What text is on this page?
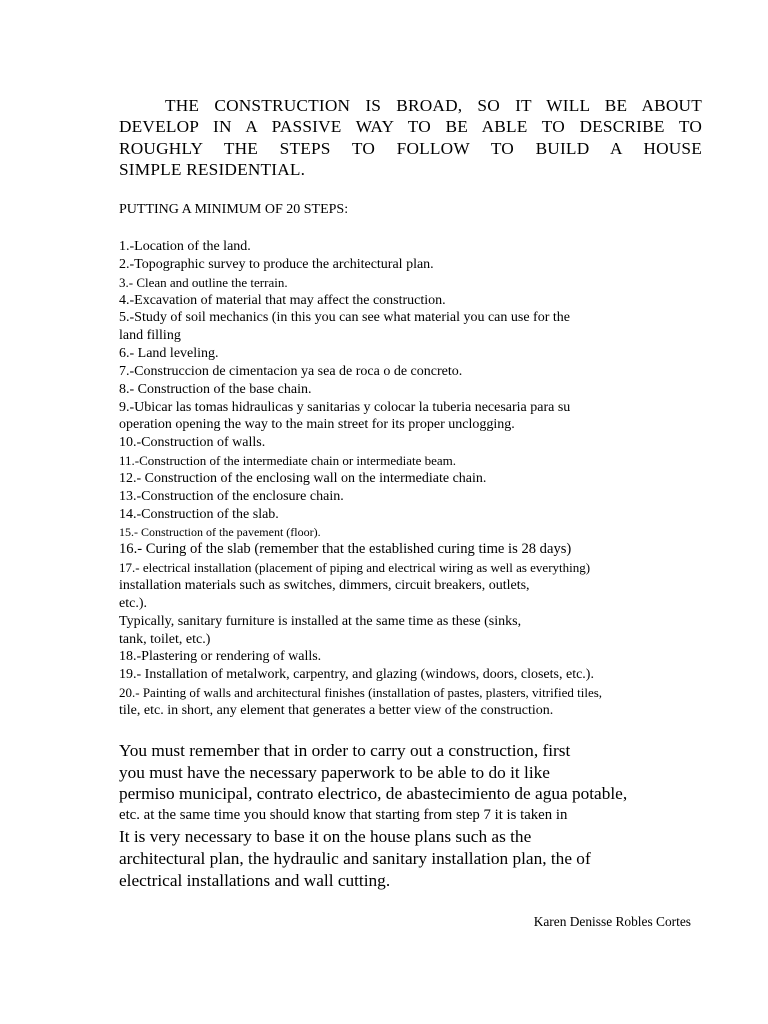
THE CONSTRUCTION IS BROAD, SO IT WILL BE ABOUT
DEVELOP IN A PASSIVE WAY TO BE ABLE TO DESCRIBE TO
ROUGHLY THE STEPS TO FOLLOW TO BUILD A HOUSE
SIMPLE RESIDENTIAL.
PUTTING A MINIMUM OF 20 STEPS:
1.-Location of the land.
2.-Topographic survey to produce the architectural plan.
3.- Clean and outline the terrain.
4.-Excavation of material that may affect the construction.
5.-Study of soil mechanics (in this you can see what material you can use for the
land filling
6.- Land leveling.
7.-Construccion de cimentacion ya sea de roca o de concreto.
8.- Construction of the base chain.
9.-Ubicar las tomas hidraulicas y sanitarias y colocar la tuberia necesaria para su
operation opening the way to the main street for its proper unclogging.
10.-Construction of walls.
11.-Construction of the intermediate chain or intermediate beam.
12.- Construction of the enclosing wall on the intermediate chain.
13.-Construction of the enclosure chain.
14.-Construction of the slab.
15.- Construction of the pavement (floor).
16.- Curing of the slab (remember that the established curing time is 28 days)
17.- electrical installation (placement of piping and electrical wiring as well as everything)
installation materials such as switches, dimmers, circuit breakers, outlets,
etc.).
Typically, sanitary furniture is installed at the same time as these (sinks,
tank, toilet, etc.)
18.-Plastering or rendering of walls.
19.- Installation of metalwork, carpentry, and glazing (windows, doors, closets, etc.).
20.- Painting of walls and architectural finishes (installation of pastes, plasters, vitrified tiles,
tile, etc. in short, any element that generates a better view of the construction.
You must remember that in order to carry out a construction, first
you must have the necessary paperwork to be able to do it like
permiso municipal, contrato electrico, de abastecimiento de agua potable,
etc. at the same time you should know that starting from step 7 it is taken in
It is very necessary to base it on the house plans such as the
architectural plan, the hydraulic and sanitary installation plan, the of
electrical installations and wall cutting.
Karen Denisse Robles Cortes
